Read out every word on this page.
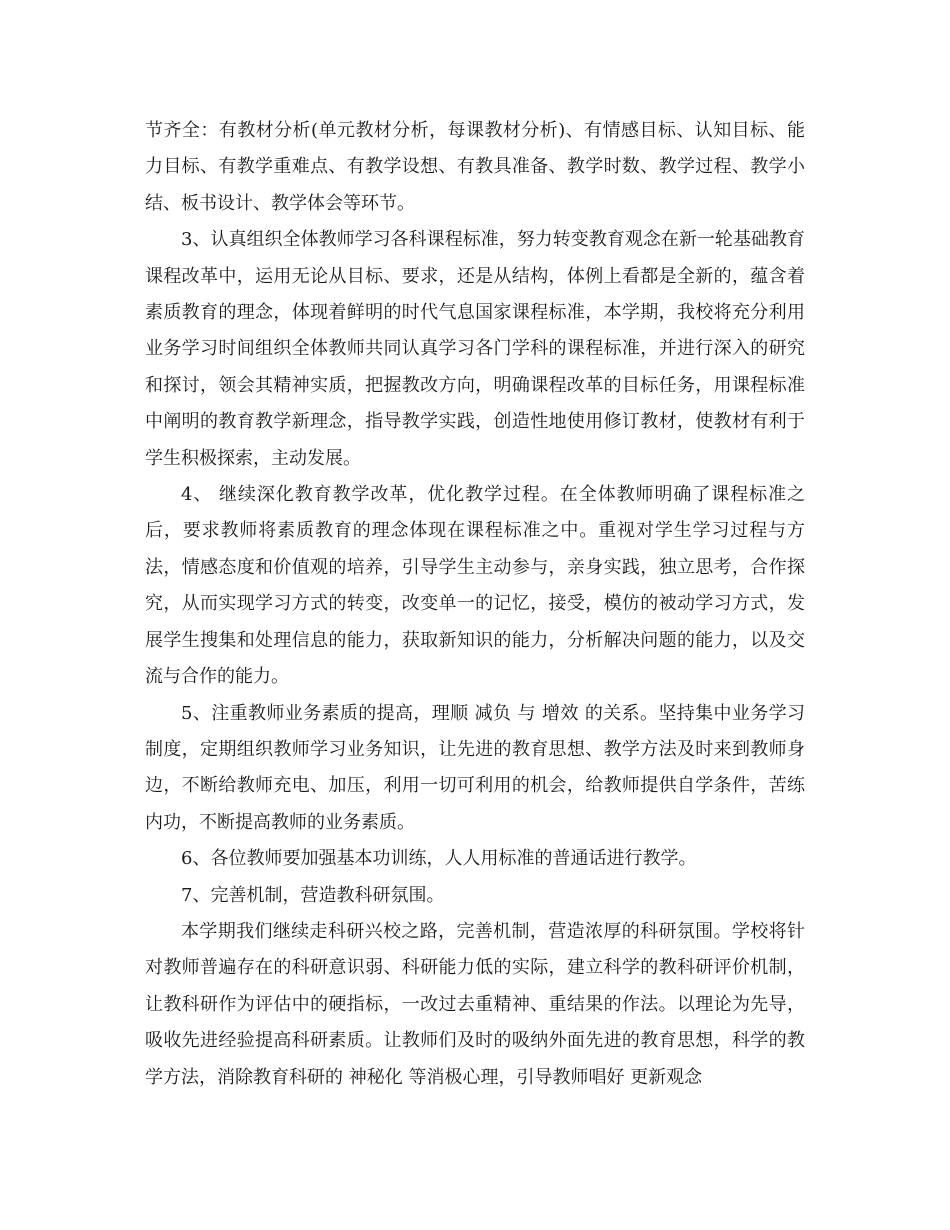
节齐全：有教材分析(单元教材分析，每课教材分析)、有情感目标、认知目标、能力目标、有教学重难点、有教学设想、有教具准备、教学时数、教学过程、教学小结、板书设计、教学体会等环节。

3、认真组织全体教师学习各科课程标准，努力转变教育观念在新一轮基础教育课程改革中，运用无论从目标、要求，还是从结构，体例上看都是全新的，蕴含着素质教育的理念，体现着鲜明的时代气息国家课程标准，本学期，我校将充分利用业务学习时间组织全体教师共同认真学习各门学科的课程标准，并进行深入的研究和探讨，领会其精神实质，把握教改方向，明确课程改革的目标任务，用课程标准中阐明的教育教学新理念，指导教学实践，创造性地使用修订教材，使教材有利于学生积极探索，主动发展。

4、 继续深化教育教学改革，优化教学过程。在全体教师明确了课程标准之后，要求教师将素质教育的理念体现在课程标准之中。重视对学生学习过程与方法，情感态度和价值观的培养，引导学生主动参与，亲身实践，独立思考，合作探究，从而实现学习方式的转变，改变单一的记忆，接受，模仿的被动学习方式，发展学生搜集和处理信息的能力，获取新知识的能力，分析解决问题的能力，以及交流与合作的能力。

5、注重教师业务素质的提高，理顺 减负 与 增效 的关系。坚持集中业务学习制度，定期组织教师学习业务知识，让先进的教育思想、教学方法及时来到教师身边，不断给教师充电、加压，利用一切可利用的机会，给教师提供自学条件，苦练内功，不断提高教师的业务素质。

6、各位教师要加强基本功训练，人人用标准的普通话进行教学。

7、完善机制，营造教科研氛围。

本学期我们继续走科研兴校之路，完善机制，营造浓厚的科研氛围。学校将针对教师普遍存在的科研意识弱、科研能力低的实际，建立科学的教科研评价机制，让教科研作为评估中的硬指标，一改过去重精神、重结果的作法。以理论为先导，吸收先进经验提高科研素质。让教师们及时的吸纳外面先进的教育思想，科学的教学方法，消除教育科研的 神秘化 等消极心理，引导教师唱好 更新观念
